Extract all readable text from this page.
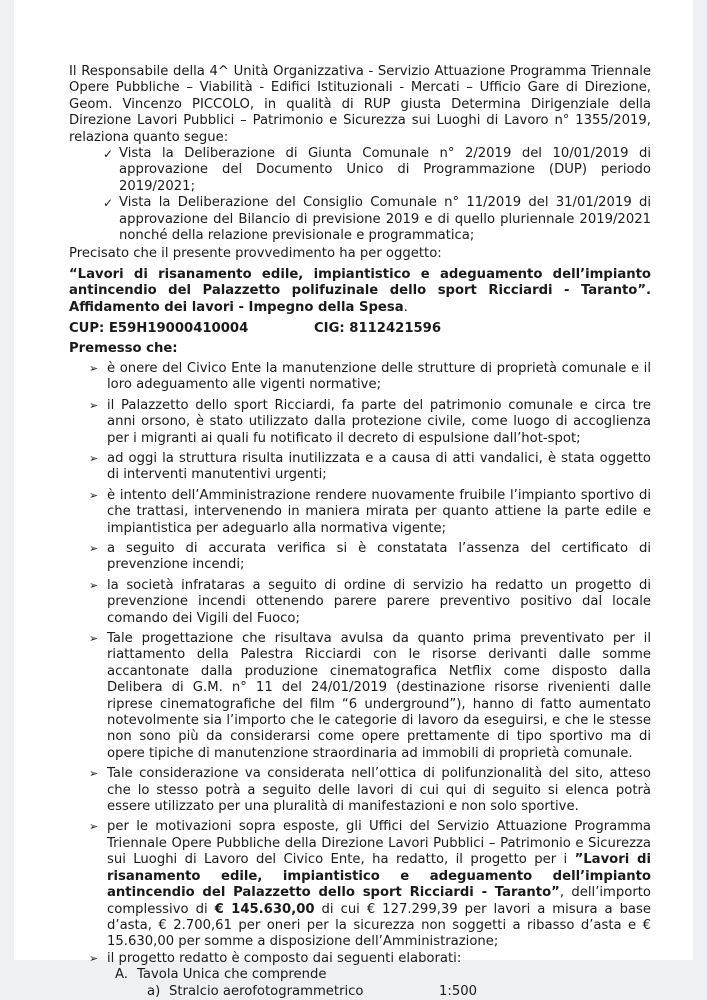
Il Responsabile della 4^ Unità Organizzativa - Servizio Attuazione Programma Triennale Opere Pubbliche – Viabilità - Edifici Istituzionali - Mercati – Ufficio Gare di Direzione, Geom. Vincenzo PICCOLO, in qualità di RUP giusta Determina Dirigenziale della Direzione Lavori Pubblici – Patrimonio e Sicurezza sui Luoghi di Lavoro n° 1355/2019, relaziona quanto segue:

✓ Vista la Deliberazione di Giunta Comunale n° 2/2019 del 10/01/2019 di approvazione del Documento Unico di Programmazione (DUP) periodo 2019/2021;
✓ Vista la Deliberazione del Consiglio Comunale n° 11/2019 del 31/01/2019 di approvazione del Bilancio di previsione 2019 e di quello pluriennale 2019/2021 nonché della relazione previsionale e programmatica;

Precisato che il presente provvedimento ha per oggetto:

“Lavori di risanamento edile, impiantistico e adeguamento dell’impianto antincendio del Palazzetto polifuzinale dello sport Ricciardi - Taranto”. Affidamento dei lavori - Impegno della Spesa.

CUP: E59H19000410004	CIG: 8112421596

Premesso che:

➢ è onere del Civico Ente la manutenzione delle strutture di proprietà comunale e il loro adeguamento alle vigenti normative;
➢ il Palazzetto dello sport Ricciardi, fa parte del patrimonio comunale e circa tre anni orsono, è stato utilizzato dalla protezione civile, come luogo di accoglienza per i migranti ai quali fu notificato il decreto di espulsione dall’hot-spot;
➢ ad oggi la struttura risulta inutilizzata e a causa di atti vandalici, è stata oggetto di interventi manutentivi urgenti;
➢ è intento dell’Amministrazione rendere nuovamente fruibile l’impianto sportivo di che trattasi, intervenendo in maniera mirata per quanto attiene la parte edile e impiantistica per adeguarlo alla normativa vigente;
➢ a seguito di accurata verifica si è constatata l’assenza del certificato di prevenzione incendi;
➢ la società infrataras a seguito di ordine di servizio ha redatto un progetto di prevenzione incendi ottenendo parere parere preventivo positivo dal locale comando dei Vigili del Fuoco;
➢ Tale progettazione che risultava avulsa da quanto prima preventivato per il riattamento della Palestra Ricciardi con le risorse derivanti dalle somme accantonate dalla produzione cinematografica Netflix come disposto dalla Delibera di G.M. n° 11 del 24/01/2019 (destinazione risorse rivenienti dalle riprese cinematografiche del film “6 underground”), hanno di fatto aumentato notevolmente sia l’importo che le categorie di lavoro da eseguirsi, e che le stesse non sono più da considerarsi come opere prettamente di tipo sportivo ma di opere tipiche di manutenzione straordinaria ad immobili di proprietà comunale.
➢ Tale considerazione va considerata nell’ottica di polifunzionalità del sito, atteso che lo stesso potrà a seguito delle lavori di cui qui di seguito si elenca potrà essere utilizzato per una pluralità di manifestazioni e non solo sportive.
➢ per le motivazioni sopra esposte, gli Uffici del Servizio Attuazione Programma Triennale Opere Pubbliche della Direzione Lavori Pubblici – Patrimonio e Sicurezza sui Luoghi di Lavoro del Civico Ente, ha redatto, il progetto per i ”Lavori di risanamento edile, impiantistico e adeguamento dell’impianto antincendio del Palazzetto dello sport Ricciardi - Taranto”, dell’importo complessivo di € 145.630,00 di cui € 127.299,39 per lavori a misura a base d’asta, € 2.700,61 per oneri per la sicurezza non soggetti a ribasso d’asta e € 15.630,00 per somme a disposizione dell’Amministrazione;
➢ il progetto redatto è composto dai seguenti elaborati:
A. Tavola Unica che comprende
a) Stralcio aerofotogrammetrico	1:500
